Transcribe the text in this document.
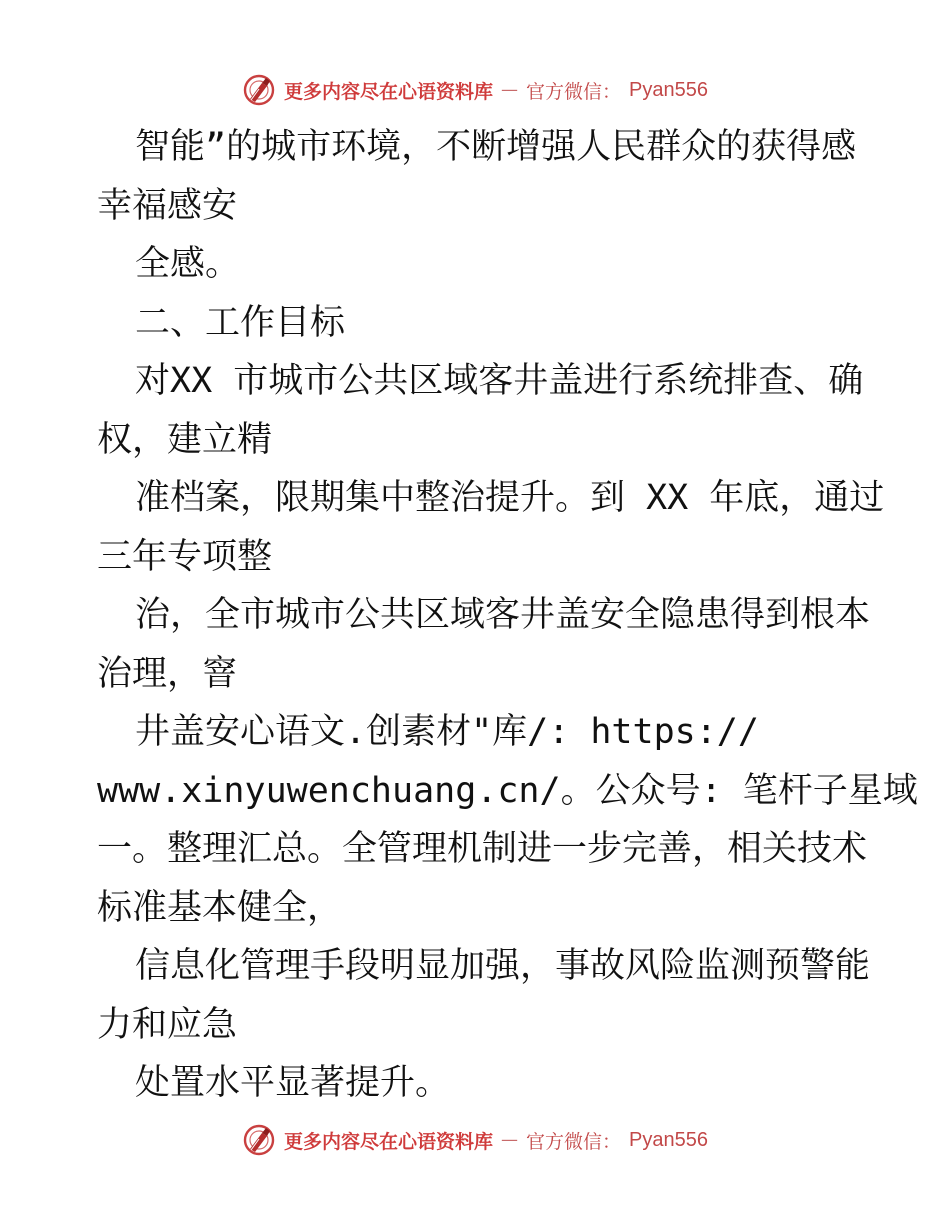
更多内容尽在心语资料库 — 官方微信： Pyan556
智能”的城市环境，不断增强人民群众的获得感
幸福感安
全感。
二、工作目标
对XX 市城市公共区域客井盖进行系统排查、确
权，建立精
准档案，限期集中整治提升。到 XX 年底，通过
三年专项整
治，全市城市公共区域客井盖安全隐患得到根本
治理，窨
井盖安心语文.创素材"库/: https://
www.xinyuwenchuang.cn/。公众号: 笔杆子星域
一。整理汇总。全管理机制进一步完善，相关技术
标准基本健全，
信息化管理手段明显加强，事故风险监测预警能
力和应急
处置水平显著提升。
更多内容尽在心语资料库 — 官方微信： Pyan556
